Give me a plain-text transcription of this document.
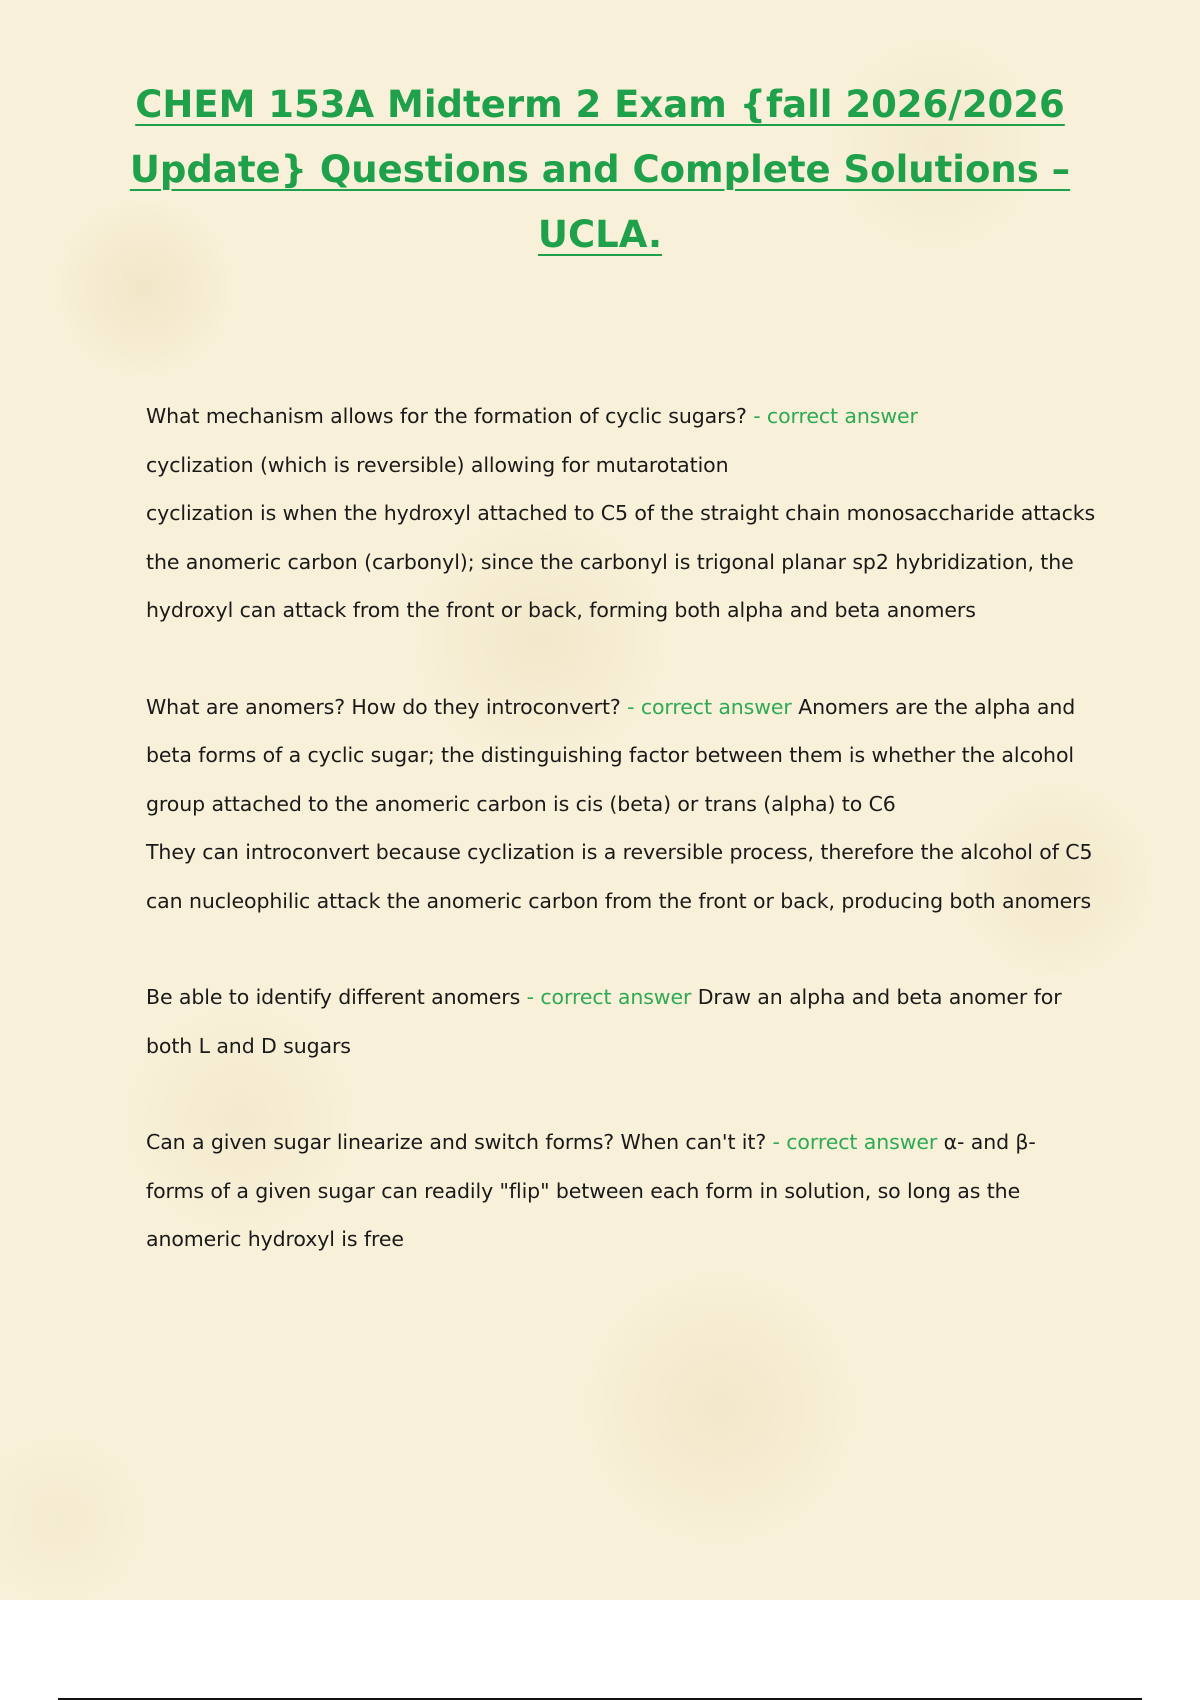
CHEM 153A Midterm 2 Exam {fall 2026/2026 Update} Questions and Complete Solutions – UCLA.

What mechanism allows for the formation of cyclic sugars? - correct answer
cyclization (which is reversible) allowing for mutarotation
cyclization is when the hydroxyl attached to C5 of the straight chain monosaccharide attacks the anomeric carbon (carbonyl); since the carbonyl is trigonal planar sp2 hybridization, the hydroxyl can attack from the front or back, forming both alpha and beta anomers

What are anomers? How do they introconvert? - correct answer Anomers are the alpha and beta forms of a cyclic sugar; the distinguishing factor between them is whether the alcohol group attached to the anomeric carbon is cis (beta) or trans (alpha) to C6
They can introconvert because cyclization is a reversible process, therefore the alcohol of C5 can nucleophilic attack the anomeric carbon from the front or back, producing both anomers

Be able to identify different anomers - correct answer Draw an alpha and beta anomer for both L and D sugars

Can a given sugar linearize and switch forms? When can't it? - correct answer α- and β- forms of a given sugar can readily "flip" between each form in solution, so long as the anomeric hydroxyl is free
